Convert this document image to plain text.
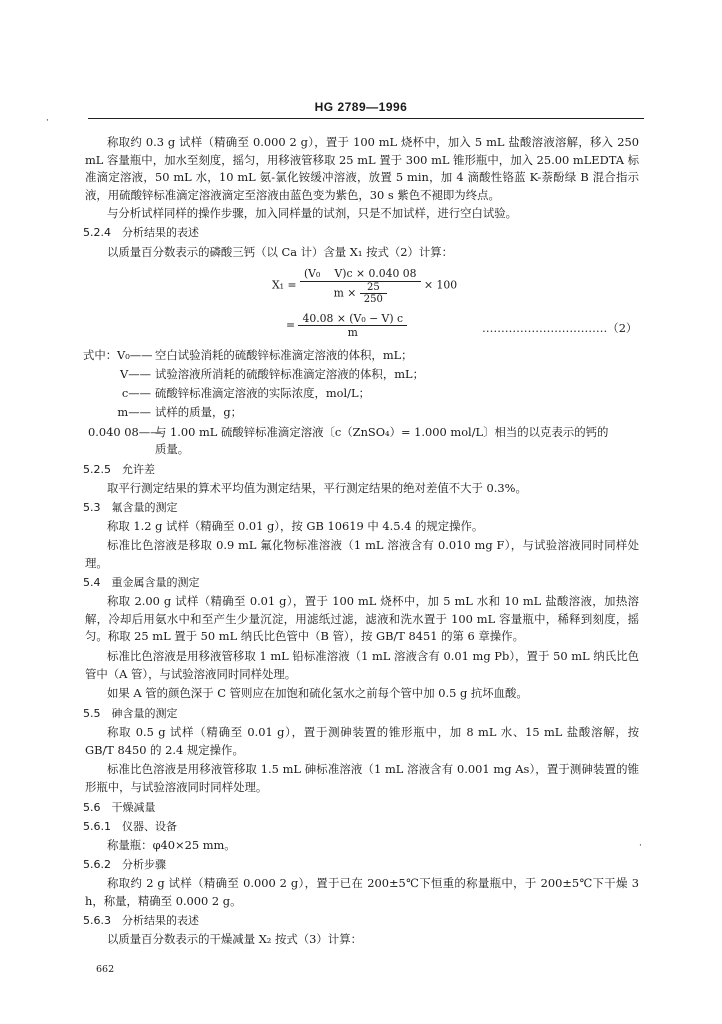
·
HG 2789—1996
称取约 0.3 g 试样（精确至 0.000 2 g），置于 100 mL 烧杯中，加入 5 mL 盐酸溶液溶解，移入 250 mL 容量瓶中，加水至刻度，摇匀，用移液管移取 25 mL 置于 300 mL 锥形瓶中，加入 25.00 mLEDTA 标准滴定溶液，50 mL 水，10 mL 氨-氯化铵缓冲溶液，放置 5 min，加 4 滴酸性铬蓝 K-萘酚绿 B 混合指示液，用硫酸锌标准滴定溶液滴定至溶液由蓝色变为紫色，30 s 紫色不褪即为终点。
与分析试样同样的操作步骤，加入同样量的试剂，只是不加试样，进行空白试验。
5.2.4　分析结果的表述
以质量百分数表示的磷酸三钙（以 Ca 计）含量 X₁ 按式（2）计算：
$X_1 = \frac{\text{(V₀　 V)c × 0.040 08}}{m \times \frac{25}{250}} \times 100$
= $\frac{\text{40.08 × (V₀ − V) c}}{m}$	……………………………（2）
式中： V₀—— 空白试验消耗的硫酸锌标准滴定溶液的体积，mL；
V—— 试验溶液所消耗的硫酸锌标准滴定溶液的体积，mL；
c—— 硫酸锌标准滴定溶液的实际浓度，mol/L；
m—— 试样的质量，g；
0.040 08——
与 1.00 mL 硫酸锌标准滴定溶液〔c（ZnSO₄）= 1.000 mol/L〕相当的以克表示的钙的
质量。
5.2.5　允许差
取平行测定结果的算术平均值为测定结果，平行测定结果的绝对差值不大于 0.3%。
5.3　氟含量的测定
称取 1.2 g 试样（精确至 0.01 g），按 GB 10619 中 4.5.4 的规定操作。
标准比色溶液是移取 0.9 mL 氟化物标准溶液（1 mL 溶液含有 0.010 mg F），与试验溶液同时同样处理。
5.4　重金属含量的测定
称取 2.00 g 试样（精确至 0.01 g），置于 100 mL 烧杯中，加 5 mL 水和 10 mL 盐酸溶液，加热溶解，冷却后用氨水中和至产生少量沉淀，用滤纸过滤，滤液和洗水置于 100 mL 容量瓶中，稀释到刻度，摇匀。称取 25 mL 置于 50 mL 纳氏比色管中（B 管），按 GB/T 8451 的第 6 章操作。
标准比色溶液是用移液管移取 1 mL 铅标准溶液（1 mL 溶液含有 0.01 mg Pb），置于 50 mL 纳氏比色管中（A 管），与试验溶液同时同样处理。
如果 A 管的颜色深于 C 管则应在加饱和硫化氢水之前每个管中加 0.5 g 抗坏血酸。
5.5　砷含量的测定
称取 0.5 g 试样（精确至 0.01 g），置于测砷装置的锥形瓶中，加 8 mL 水、15 mL 盐酸溶解，按 GB/T 8450 的 2.4 规定操作。
标准比色溶液是用移液管移取 1.5 mL 砷标准溶液（1 mL 溶液含有 0.001 mg As），置于测砷装置的锥形瓶中，与试验溶液同时同样处理。
5.6　干燥减量
5.6.1　仪器、设备
称量瓶：φ40×25 mm。	·
5.6.2　分析步骤
称取约 2 g 试样（精确至 0.000 2 g），置于已在 200±5℃下恒重的称量瓶中，于 200±5℃下干燥 3 h，称量，精确至 0.000 2 g。
5.6.3　分析结果的表述
以质量百分数表示的干燥减量 X₂ 按式（3）计算：
662
